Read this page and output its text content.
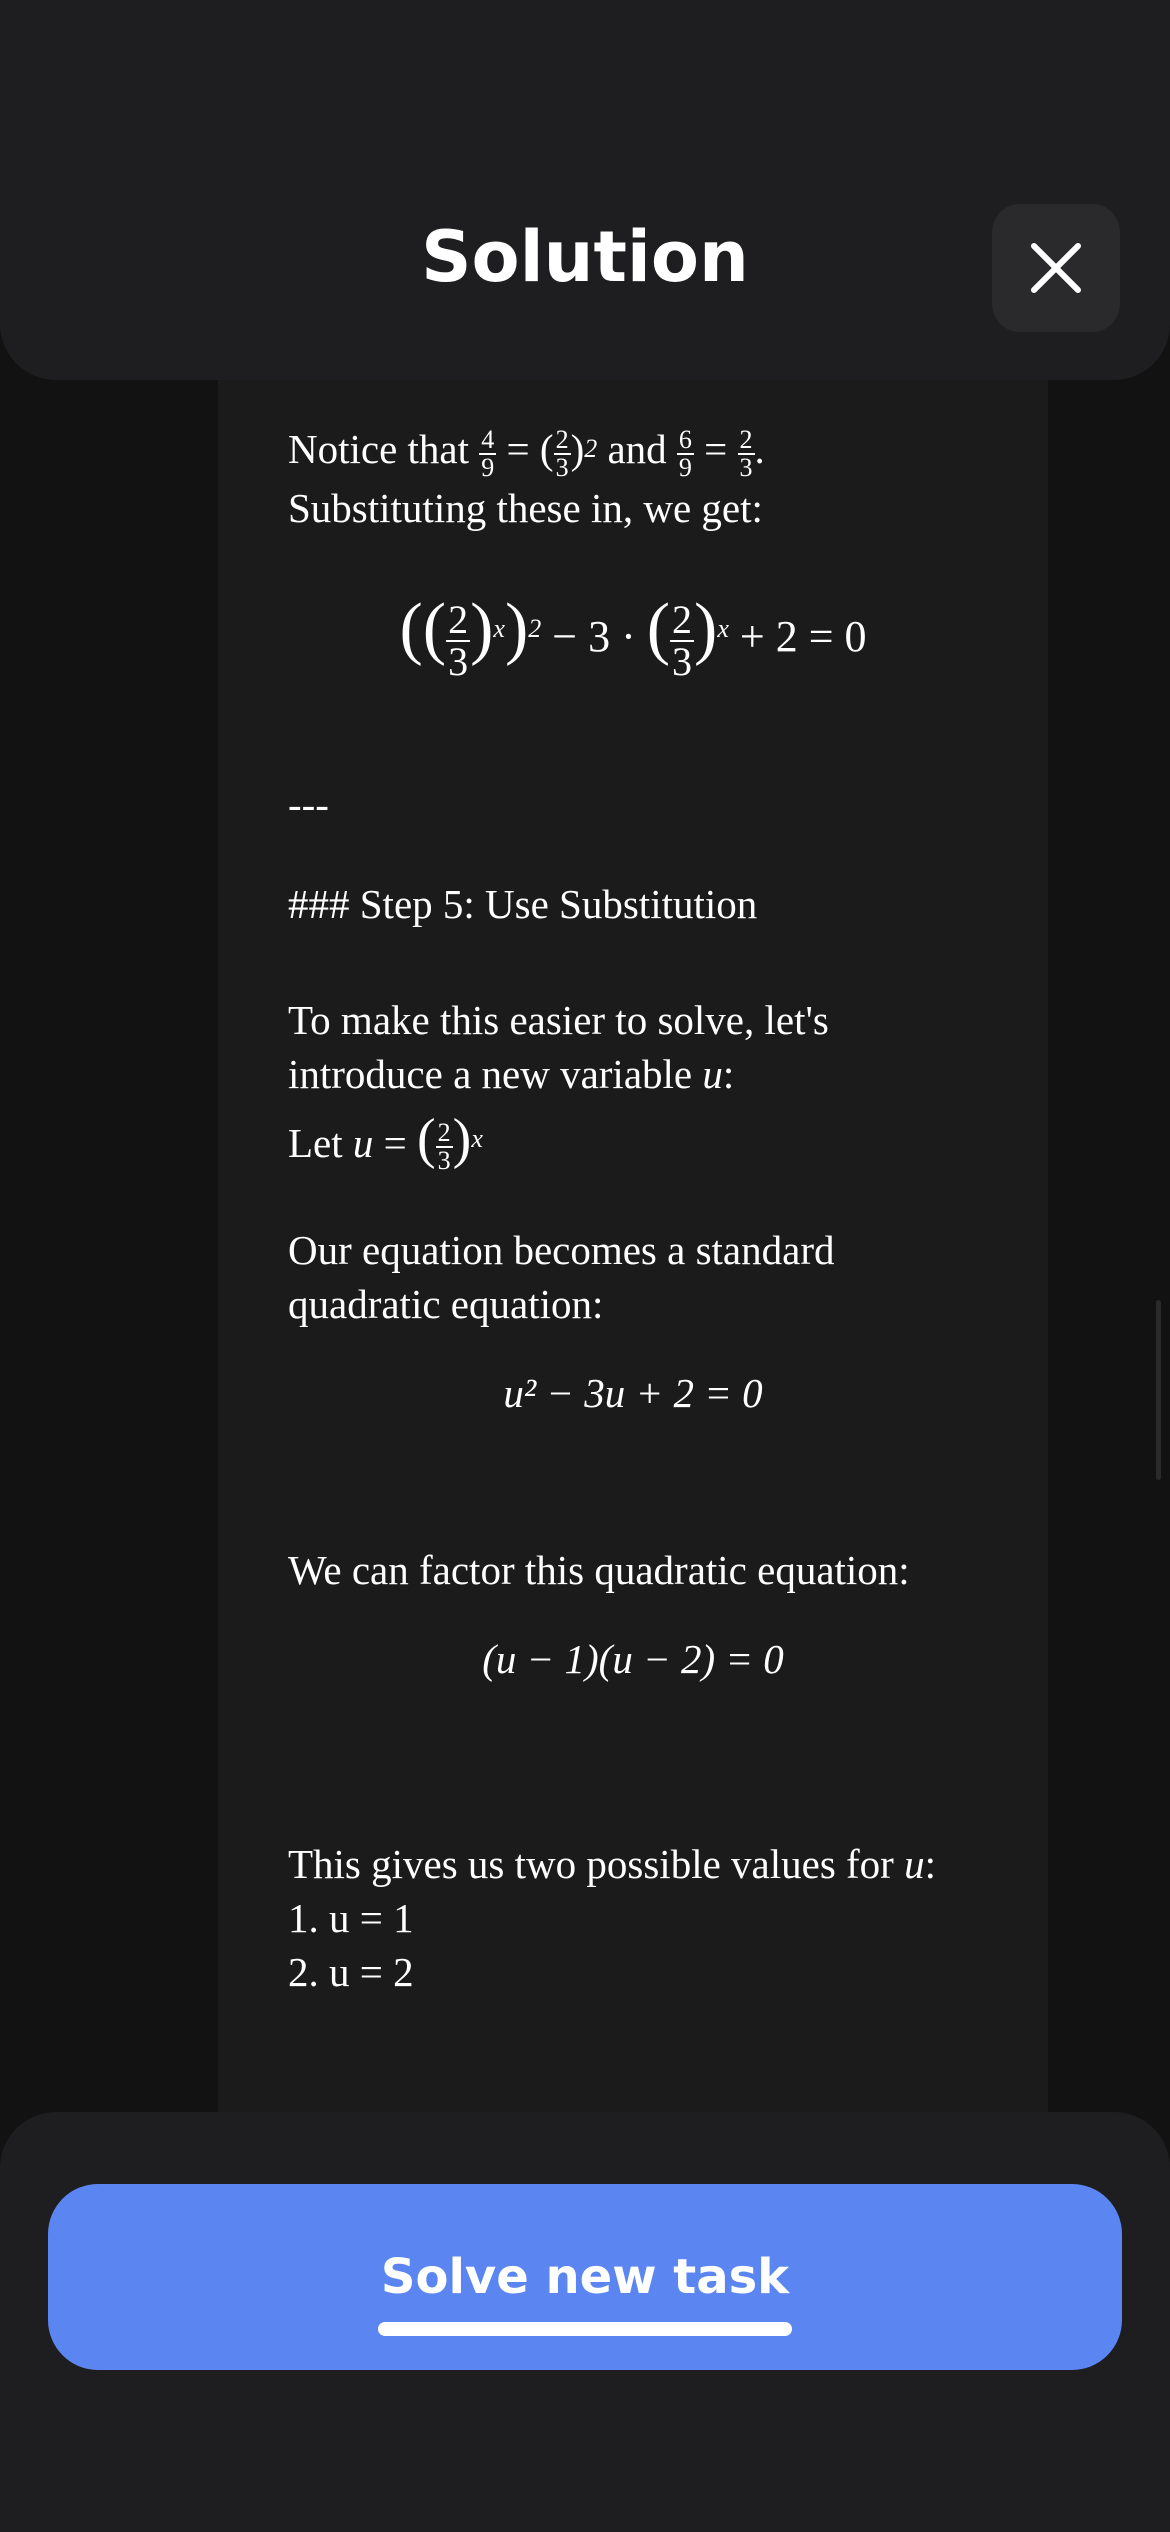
Solution

Notice that $\frac{4}{9}$ = ( $\frac{2}{3} )^2$ and $\frac{6}{9} = \frac{2}{3}$ .

Substituting these in, we get:

(( $\frac{2}{3} )^x)^2 - 3$ · ( $\frac{2}{3} )^x + 2 = 0$

---

### Step 5: Use Substitution

To make this easier to solve, let's introduce a new variable u:

Let u = ( $\frac{2}{3} )^x$

Our equation becomes a standard quadratic equation:

u² − 3u + 2 = 0

We can factor this quadratic equation:

(u − 1)(u − 2) = 0

This gives us two possible values for u:

1. u = 1

2. u = 2

Solve new task
